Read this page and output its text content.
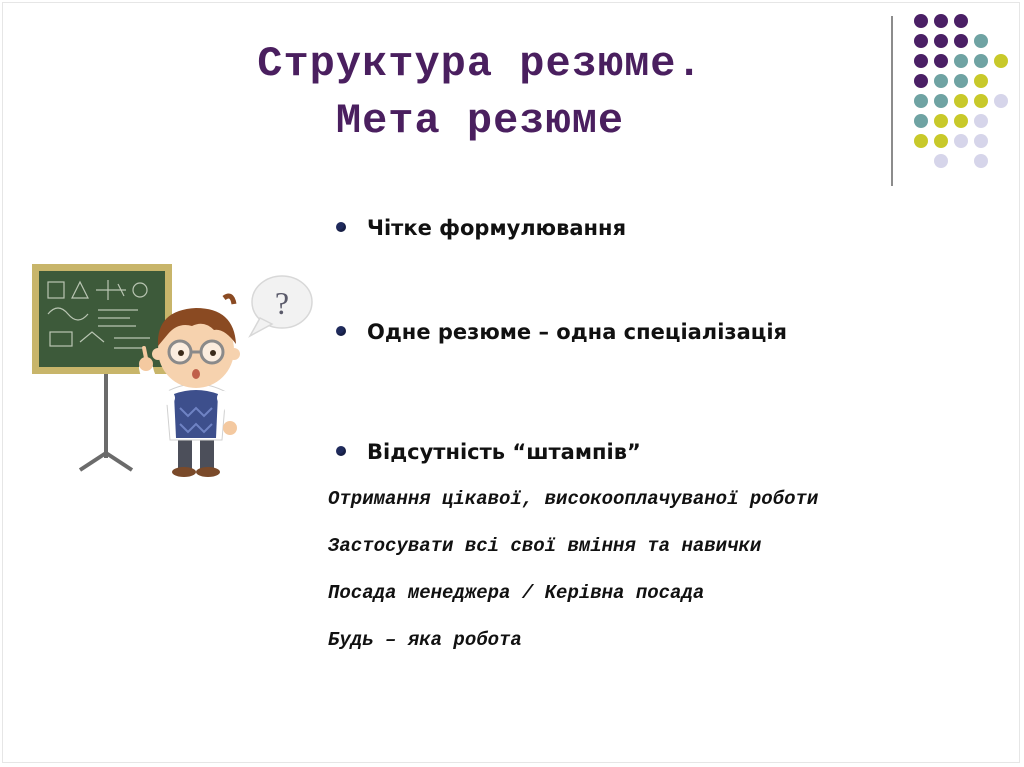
Структура резюме.
Мета резюме
?
Чітке формулювання
Одне резюме – одна спеціалізація
Відсутність “штампів”
Отримання цікавої, високооплачуваної роботи
Застосувати всі свої вміння та навички
Посада менеджера / Керівна посада
Будь – яка робота
